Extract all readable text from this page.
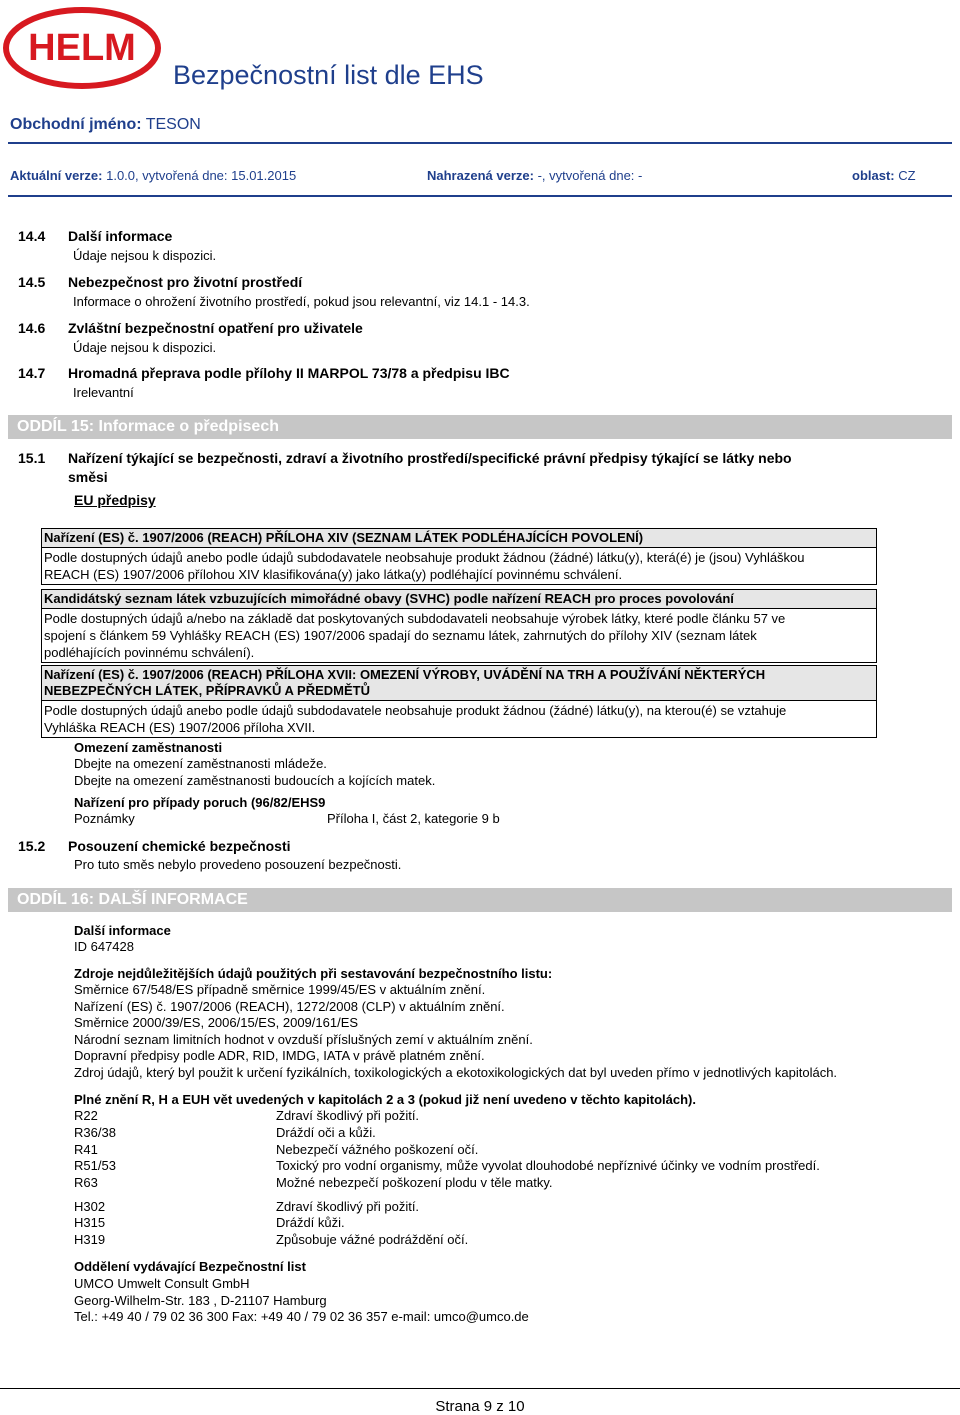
HELM
Bezpečnostní list dle EHS
Obchodní jméno: TESON
Aktuální verze: 1.0.0, vytvořená dne: 15.01.2015	Nahrazená verze: -, vytvořená dne: -	oblast: CZ
14.4 Další informace
Údaje nejsou k dispozici.
14.5 Nebezpečnost pro životní prostředí
Informace o ohrožení životního prostředí, pokud jsou relevantní, viz 14.1 - 14.3.
14.6 Zvláštní bezpečnostní opatření pro uživatele
Údaje nejsou k dispozici.
14.7 Hromadná přeprava podle přílohy II MARPOL 73/78 a předpisu IBC
Irelevantní
ODDÍL 15: Informace o předpisech
15.1 Nařízení týkající se bezpečnosti, zdraví a životního prostředí/specifické právní předpisy týkající se látky nebo
směsi
EU předpisy
Nařízení (ES) č. 1907/2006 (REACH) PŘÍLOHA XIV (SEZNAM LÁTEK PODLÉHAJÍCÍCH POVOLENÍ)
Podle dostupných údajů anebo podle údajů subdodavatele neobsahuje produkt žádnou (žádné) látku(y), která(é) je (jsou) Vyhláškou
REACH (ES) 1907/2006 přílohou XIV klasifikována(y) jako látka(y) podléhající povinnému schválení.
Kandidátský seznam látek vzbuzujících mimořádné obavy (SVHC) podle nařízení REACH pro proces povolování
Podle dostupných údajů a/nebo na základě dat poskytovaných subdodavateli neobsahuje výrobek látky, které podle článku 57 ve
spojení s článkem 59 Vyhlášky REACH (ES) 1907/2006 spadají do seznamu látek, zahrnutých do přílohy XIV (seznam látek
podléhajících povinnému schválení).
Nařízení (ES) č. 1907/2006 (REACH) PŘÍLOHA XVII: OMEZENÍ VÝROBY, UVÁDĚNÍ NA TRH A POUŽÍVÁNÍ NĚKTERÝCH
NEBEZPEČNÝCH LÁTEK, PŘÍPRAVKŮ A PŘEDMĚTŮ
Podle dostupných údajů anebo podle údajů subdodavatele neobsahuje produkt žádnou (žádné) látku(y), na kterou(é) se vztahuje
Vyhláška REACH (ES) 1907/2006 příloha XVII.
Omezení zaměstnanosti
Dbejte na omezení zaměstnanosti mládeže.
Dbejte na omezení zaměstnanosti budoucích a kojících matek.
Nařízení pro případy poruch (96/82/EHS9
Poznámky	Příloha I, část 2, kategorie 9 b
15.2 Posouzení chemické bezpečnosti
Pro tuto směs nebylo provedeno posouzení bezpečnosti.
ODDÍL 16: DALŠÍ INFORMACE
Další informace
ID 647428
Zdroje nejdůležitějších údajů použitých při sestavování bezpečnostního listu:
Směrnice 67/548/ES případně směrnice 1999/45/ES v aktuálním znění.
Nařízení (ES) č. 1907/2006 (REACH), 1272/2008 (CLP) v aktuálním znění.
Směrnice 2000/39/ES, 2006/15/ES, 2009/161/ES
Národní seznam limitních hodnot v ovzduší příslušných zemí v aktuálním znění.
Dopravní předpisy podle ADR, RID, IMDG, IATA v právě platném znění.
Zdroj údajů, který byl použit k určení fyzikálních, toxikologických a ekotoxikologických dat byl uveden přímo v jednotlivých kapitolách.
Plné znění R, H a EUH vět uvedených v kapitolách 2 a 3 (pokud již není uvedeno v těchto kapitolách).
R22	Zdraví škodlivý při požití.
R36/38	Dráždí oči a kůži.
R41	Nebezpečí vážného poškození očí.
R51/53	Toxický pro vodní organismy, může vyvolat dlouhodobé nepříznivé účinky ve vodním prostředí.
R63	Možné nebezpečí poškození plodu v těle matky.
H302	Zdraví škodlivý při požití.
H315	Dráždí kůži.
H319	Způsobuje vážné podráždění očí.
Oddělení vydávající Bezpečnostní list
UMCO Umwelt Consult GmbH
Georg-Wilhelm-Str. 183 , D-21107 Hamburg
Tel.: +49 40 / 79 02 36 300 Fax: +49 40 / 79 02 36 357 e-mail: umco@umco.de
Strana 9 z 10
